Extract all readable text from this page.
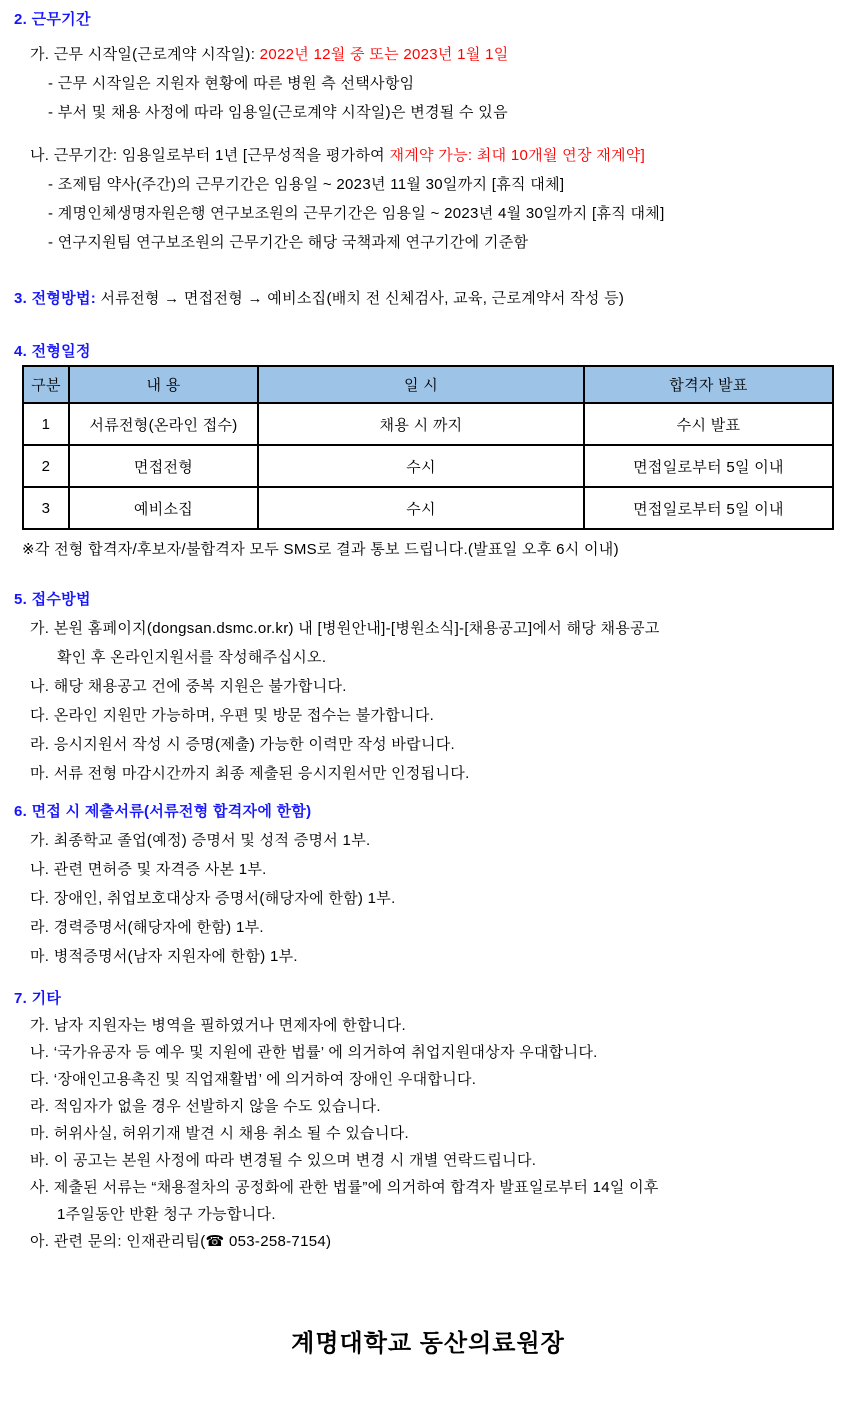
2. 근무기간
가. 근무 시작일(근로계약 시작일): 2022년 12월 중 또는 2023년 1월 1일
- 근무 시작일은 지원자 현황에 따른 병원 측 선택사항임
- 부서 및 채용 사정에 따라 임용일(근로계약 시작일)은 변경될 수 있음
나. 근무기간: 임용일로부터 1년 [근무성적을 평가하여 재계약 가능: 최대 10개월 연장 재계약]
- 조제팀 약사(주간)의 근무기간은 임용일 ~ 2023년 11월 30일까지 [휴직 대체]
- 계명인체생명자원은행 연구보조원의 근무기간은 임용일 ~ 2023년 4월 30일까지 [휴직 대체]
- 연구지원팀 연구보조원의 근무기간은 해당 국책과제 연구기간에 기준함
3. 전형방법: 서류전형 → 면접전형 → 예비소집(배치 전 신체검사, 교육, 근로계약서 작성 등)
4. 전형일정
구분	내 용	일 시	합격자 발표
1	서류전형(온라인 접수)	채용 시 까지	수시 발표
2	면접전형	수시	면접일로부터 5일 이내
3	예비소집	수시	면접일로부터 5일 이내
※각 전형 합격자/후보자/불합격자 모두 SMS로 결과 통보 드립니다.(발표일 오후 6시 이내)
5. 접수방법
가. 본원 홈페이지(dongsan.dsmc.or.kr) 내 [병원안내]-[병원소식]-[채용공고]에서 해당 채용공고
확인 후 온라인지원서를 작성해주십시오.
나. 해당 채용공고 건에 중복 지원은 불가합니다.
다. 온라인 지원만 가능하며, 우편 및 방문 접수는 불가합니다.
라. 응시지원서 작성 시 증명(제출) 가능한 이력만 작성 바랍니다.
마. 서류 전형 마감시간까지 최종 제출된 응시지원서만 인정됩니다.
6. 면접 시 제출서류(서류전형 합격자에 한함)
가. 최종학교 졸업(예정) 증명서 및 성적 증명서 1부.
나. 관련 면허증 및 자격증 사본 1부.
다. 장애인, 취업보호대상자 증명서(해당자에 한함) 1부.
라. 경력증명서(해당자에 한함) 1부.
마. 병적증명서(남자 지원자에 한함) 1부.
7. 기타
가. 남자 지원자는 병역을 필하였거나 면제자에 한합니다.
나. ‘국가유공자 등 예우 및 지원에 관한 법률’ 에 의거하여 취업지원대상자 우대합니다.
다. ‘장애인고용촉진 및 직업재활법’ 에 의거하여 장애인 우대합니다.
라. 적임자가 없을 경우 선발하지 않을 수도 있습니다.
마. 허위사실, 허위기재 발견 시 채용 취소 될 수 있습니다.
바. 이 공고는 본원 사정에 따라 변경될 수 있으며 변경 시 개별 연락드립니다.
사. 제출된 서류는 “채용절차의 공정화에 관한 법률”에 의거하여 합격자 발표일로부터 14일 이후
1주일동안 반환 청구 가능합니다.
아. 관련 문의: 인재관리팀(☎ 053-258-7154)
계명대학교 동산의료원장
